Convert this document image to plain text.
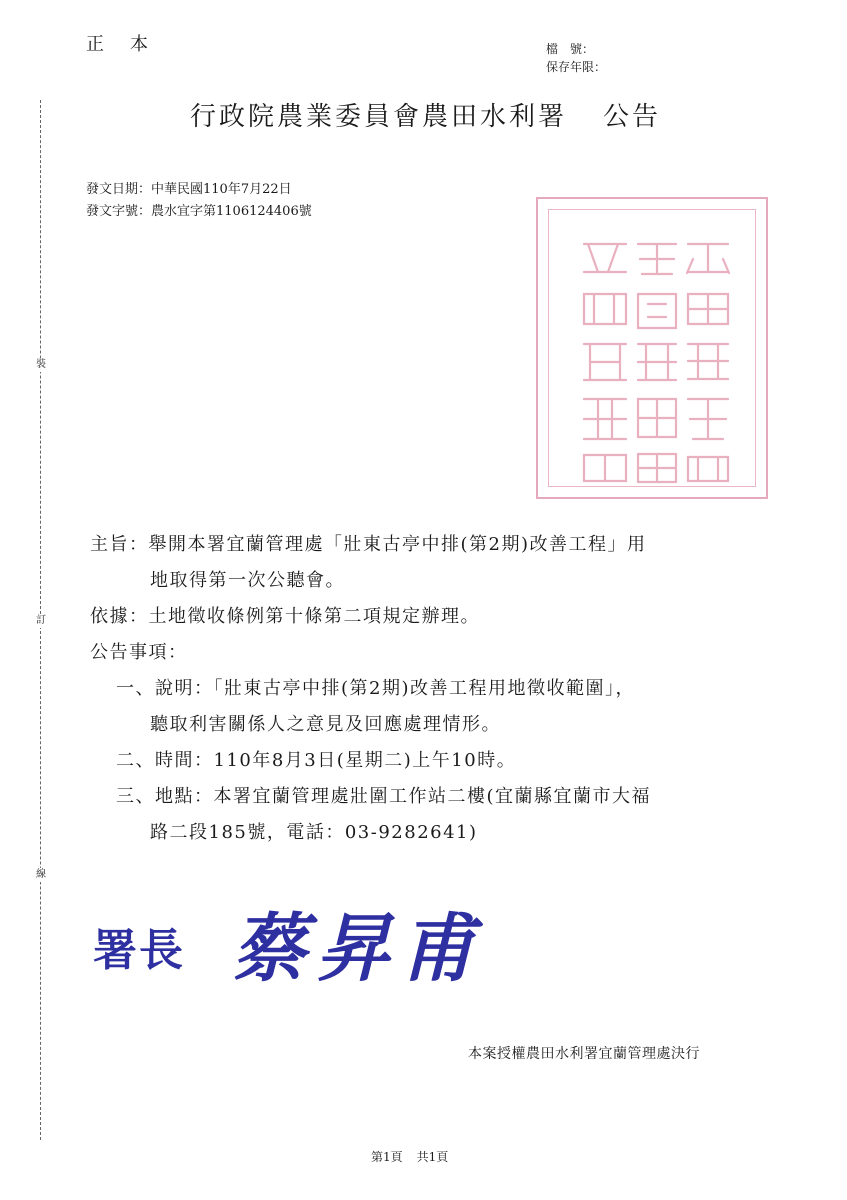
正 本	檔　號 ：
保存年限 ：
裝
訂
線
行政院農業委員會農田水利署 公告
發文日期：中華民國110年7月22日
發文字號：農水宜字第1106124406號
主旨：舉開本署宜蘭管理處「壯東古亭中排(第2期)改善工程」用
地取得第一次公聽會。
依據：土地徵收條例第十條第二項規定辦理。
公告事項：
一、說明：「壯東古亭中排(第2期)改善工程用地徵收範圍」，
聽取利害關係人之意見及回應處理情形。
二、時間：110年8月3日(星期二)上午10時。
三、地點：本署宜蘭管理處壯圍工作站二樓(宜蘭縣宜蘭市大福
路二段185號，電話：03-9282641)
署長 蔡昇甫
本案授權農田水利署宜蘭管理處決行
第1頁 共1頁
